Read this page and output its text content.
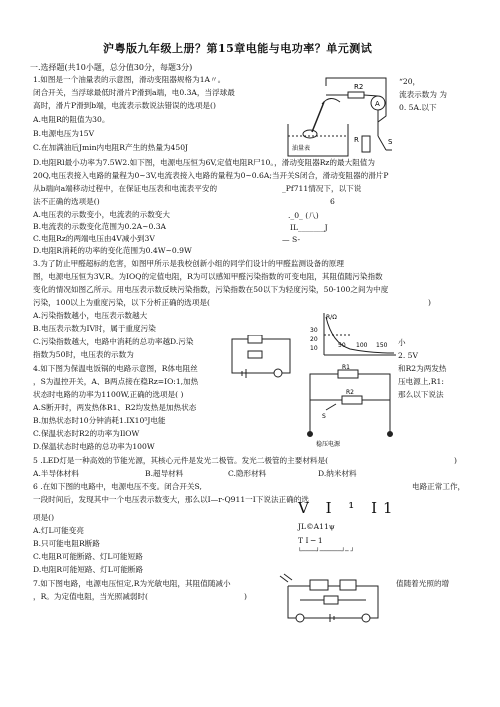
沪粤版九年级上册？第15章电能与电功率？单元测试
一.选择题(共10小题，总分值30分，每题3分)
1.如图是一个油量表的示意图，滑动变阻器规格为1A〃。	“20，
闭合开关，当浮球最低时滑片P滑到a端，电0.3A，当浮球最	流表示数为 为
高时，滑片P滑到b端，电流表示数说法错误的选项是()	0. 5A.以下
A.电阻R的阻值为30。
B.电源电压为15V
C.在加满油后Jmin内电阻R产生的热量为450J
R2
A
R	S
油量表
D.电阻Rl最小功率为7.5W2.如下图，电源电压恒为6V,定值电阻R尸10。，滑动变阻器Rz的最大阻值为
20Q,电压表接入电路的量程为0~3V,电流表接入电路的量程为0~0.6A;当开关S闭合，滑动变阻器的滑片P
从b端向a端移动过程中，在保证电压表和电流表平安的	_Pf711情况下，以下说
法不正确的选项是()	6
A.电压表的示数变小，电流表的示数变大	._0_ (八)
B.电流表的示数变化范围为0.2A~0.3A	IL_______J
C.电阻Rz的两端电压由4V减小到3V	— S-
D.电阻R消耗的功率的变化范围为0.4W~0.9W
3.为了防止甲醛超标的危害，如图甲所示是我校创新小组的同学们设计的甲醛监测设备的原理
图，电源电压恒为3V,R。为IOQ的定值电阻，R为可以感知甲醛污染指数的可变电阻，其阻值随污染指数
变化的情况如图乙所示。用电压表示数反映污染指数，污染指数在50以下为轻度污染，50-100之间为中度
污染，100以上为重度污染，以下分析正确的选项是(	)
A.污染指数越小，电压表示数越大
B.电压表示数为IV时，属于重度污染
C.污染指数越大，电路中消耗的总功率越D.污染	小
指数为50时，电压表的示数为	2. 5V
R/Ω
30
20
10	50 100 150
4.如下图为保温电饭锅的电路示意图，R体电阻丝	和R2为两发热
，S为温控开关，A、B两点接在稳Rz=IO:1,加热	压电源上,R1:
状态时电路的功率为1100W,正确的选项是( )	那么以下说法
A.S断开时，两发热体R1、R2均发热是加热状态
B.加热状态时10分钟消耗1.IX10⁵J电能
C.保温状态时R2的功率为IlOW
D.保温状态时电路的总功率为100W
R1
R2
S
稳压电源
5 .LED灯是一种高效的节能光源，其核心元件是发光二极管。发光二极管的主要材料是(	)
A.半导体材料	B.超导材料	C.隐形材料	D.纳米材料
6 .在如下图的电路中，电源电压不变。闭合开关S,	电路正常工作，
一段时间后，发现其中一个电压表示数变大，那么以I—r-Q911一I下说法正确的选
V I ¹ I1
项是()
JL©A11ψ
A.灯L可能变亮
T I ─ 1
B.只可能电阻R断路
└────┘──────┘─ ┘
C.电阻R可能断路、灯L可能短路
D.电阻R可能短路、灯L可能断路
7.如下图电路，电源电压恒定,R为光敏电阻，其阻值随减小	值随着光照的增
，R。为定值电阻，当光照减弱时(	)
